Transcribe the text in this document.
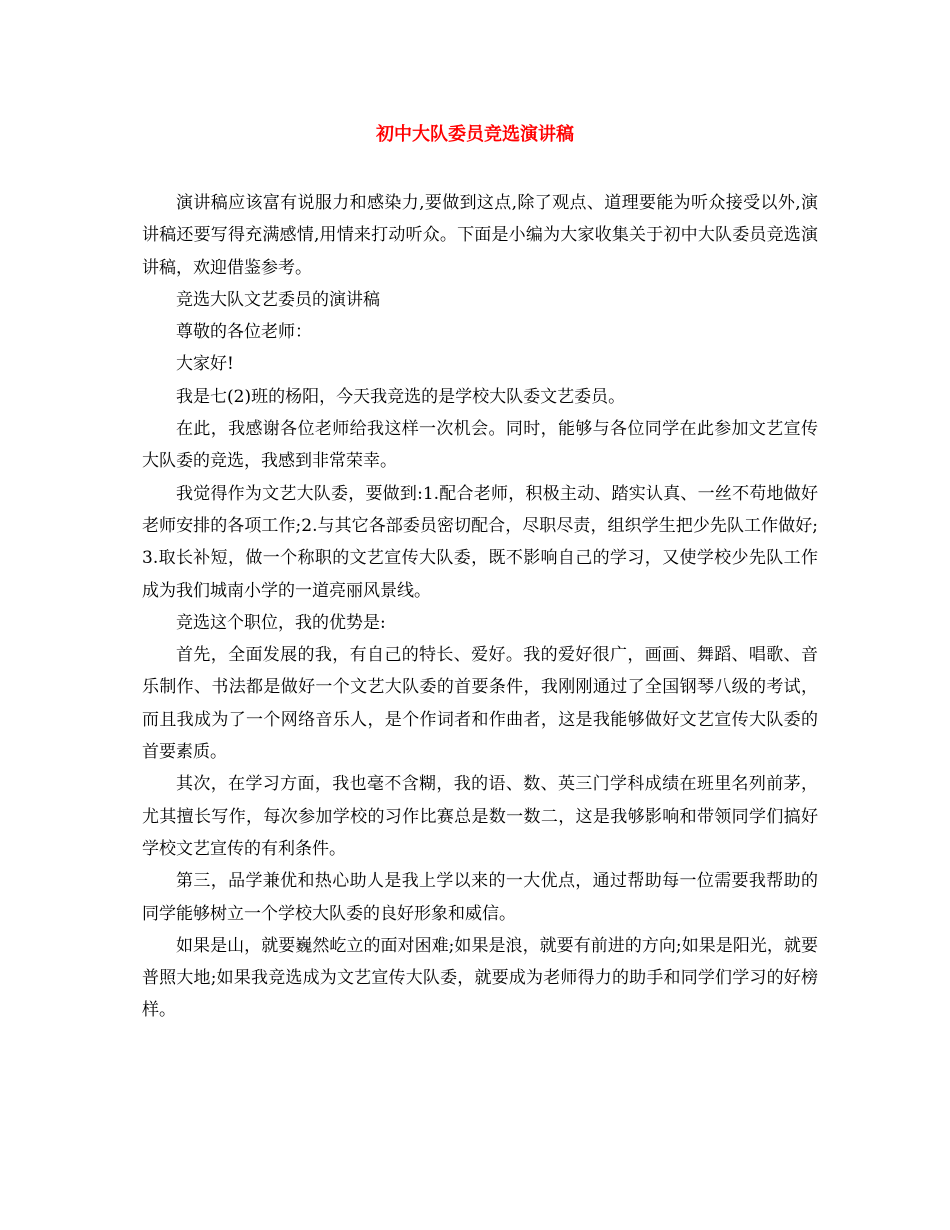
初中大队委员竞选演讲稿

演讲稿应该富有说服力和感染力,要做到这点,除了观点、道理要能为听众接受以外,演讲稿还要写得充满感情,用情来打动听众。下面是小编为大家收集关于初中大队委员竞选演讲稿，欢迎借鉴参考。

竞选大队文艺委员的演讲稿

尊敬的各位老师：

大家好!

我是七(2)班的杨阳，今天我竞选的是学校大队委文艺委员。

在此，我感谢各位老师给我这样一次机会。同时，能够与各位同学在此参加文艺宣传大队委的竞选，我感到非常荣幸。

我觉得作为文艺大队委，要做到:1.配合老师，积极主动、踏实认真、一丝不苟地做好老师安排的各项工作;2.与其它各部委员密切配合，尽职尽责，组织学生把少先队工作做好;3.取长补短，做一个称职的文艺宣传大队委，既不影响自己的学习，又使学校少先队工作成为我们城南小学的一道亮丽风景线。

竞选这个职位，我的优势是:

首先，全面发展的我，有自己的特长、爱好。我的爱好很广，画画、舞蹈、唱歌、音乐制作、书法都是做好一个文艺大队委的首要条件，我刚刚通过了全国钢琴八级的考试，而且我成为了一个网络音乐人，是个作词者和作曲者，这是我能够做好文艺宣传大队委的首要素质。

其次，在学习方面，我也毫不含糊，我的语、数、英三门学科成绩在班里名列前茅，尤其擅长写作，每次参加学校的习作比赛总是数一数二，这是我够影响和带领同学们搞好学校文艺宣传的有利条件。

第三，品学兼优和热心助人是我上学以来的一大优点，通过帮助每一位需要我帮助的同学能够树立一个学校大队委的良好形象和威信。

如果是山，就要巍然屹立的面对困难;如果是浪，就要有前进的方向;如果是阳光，就要普照大地;如果我竞选成为文艺宣传大队委，就要成为老师得力的助手和同学们学习的好榜样。
